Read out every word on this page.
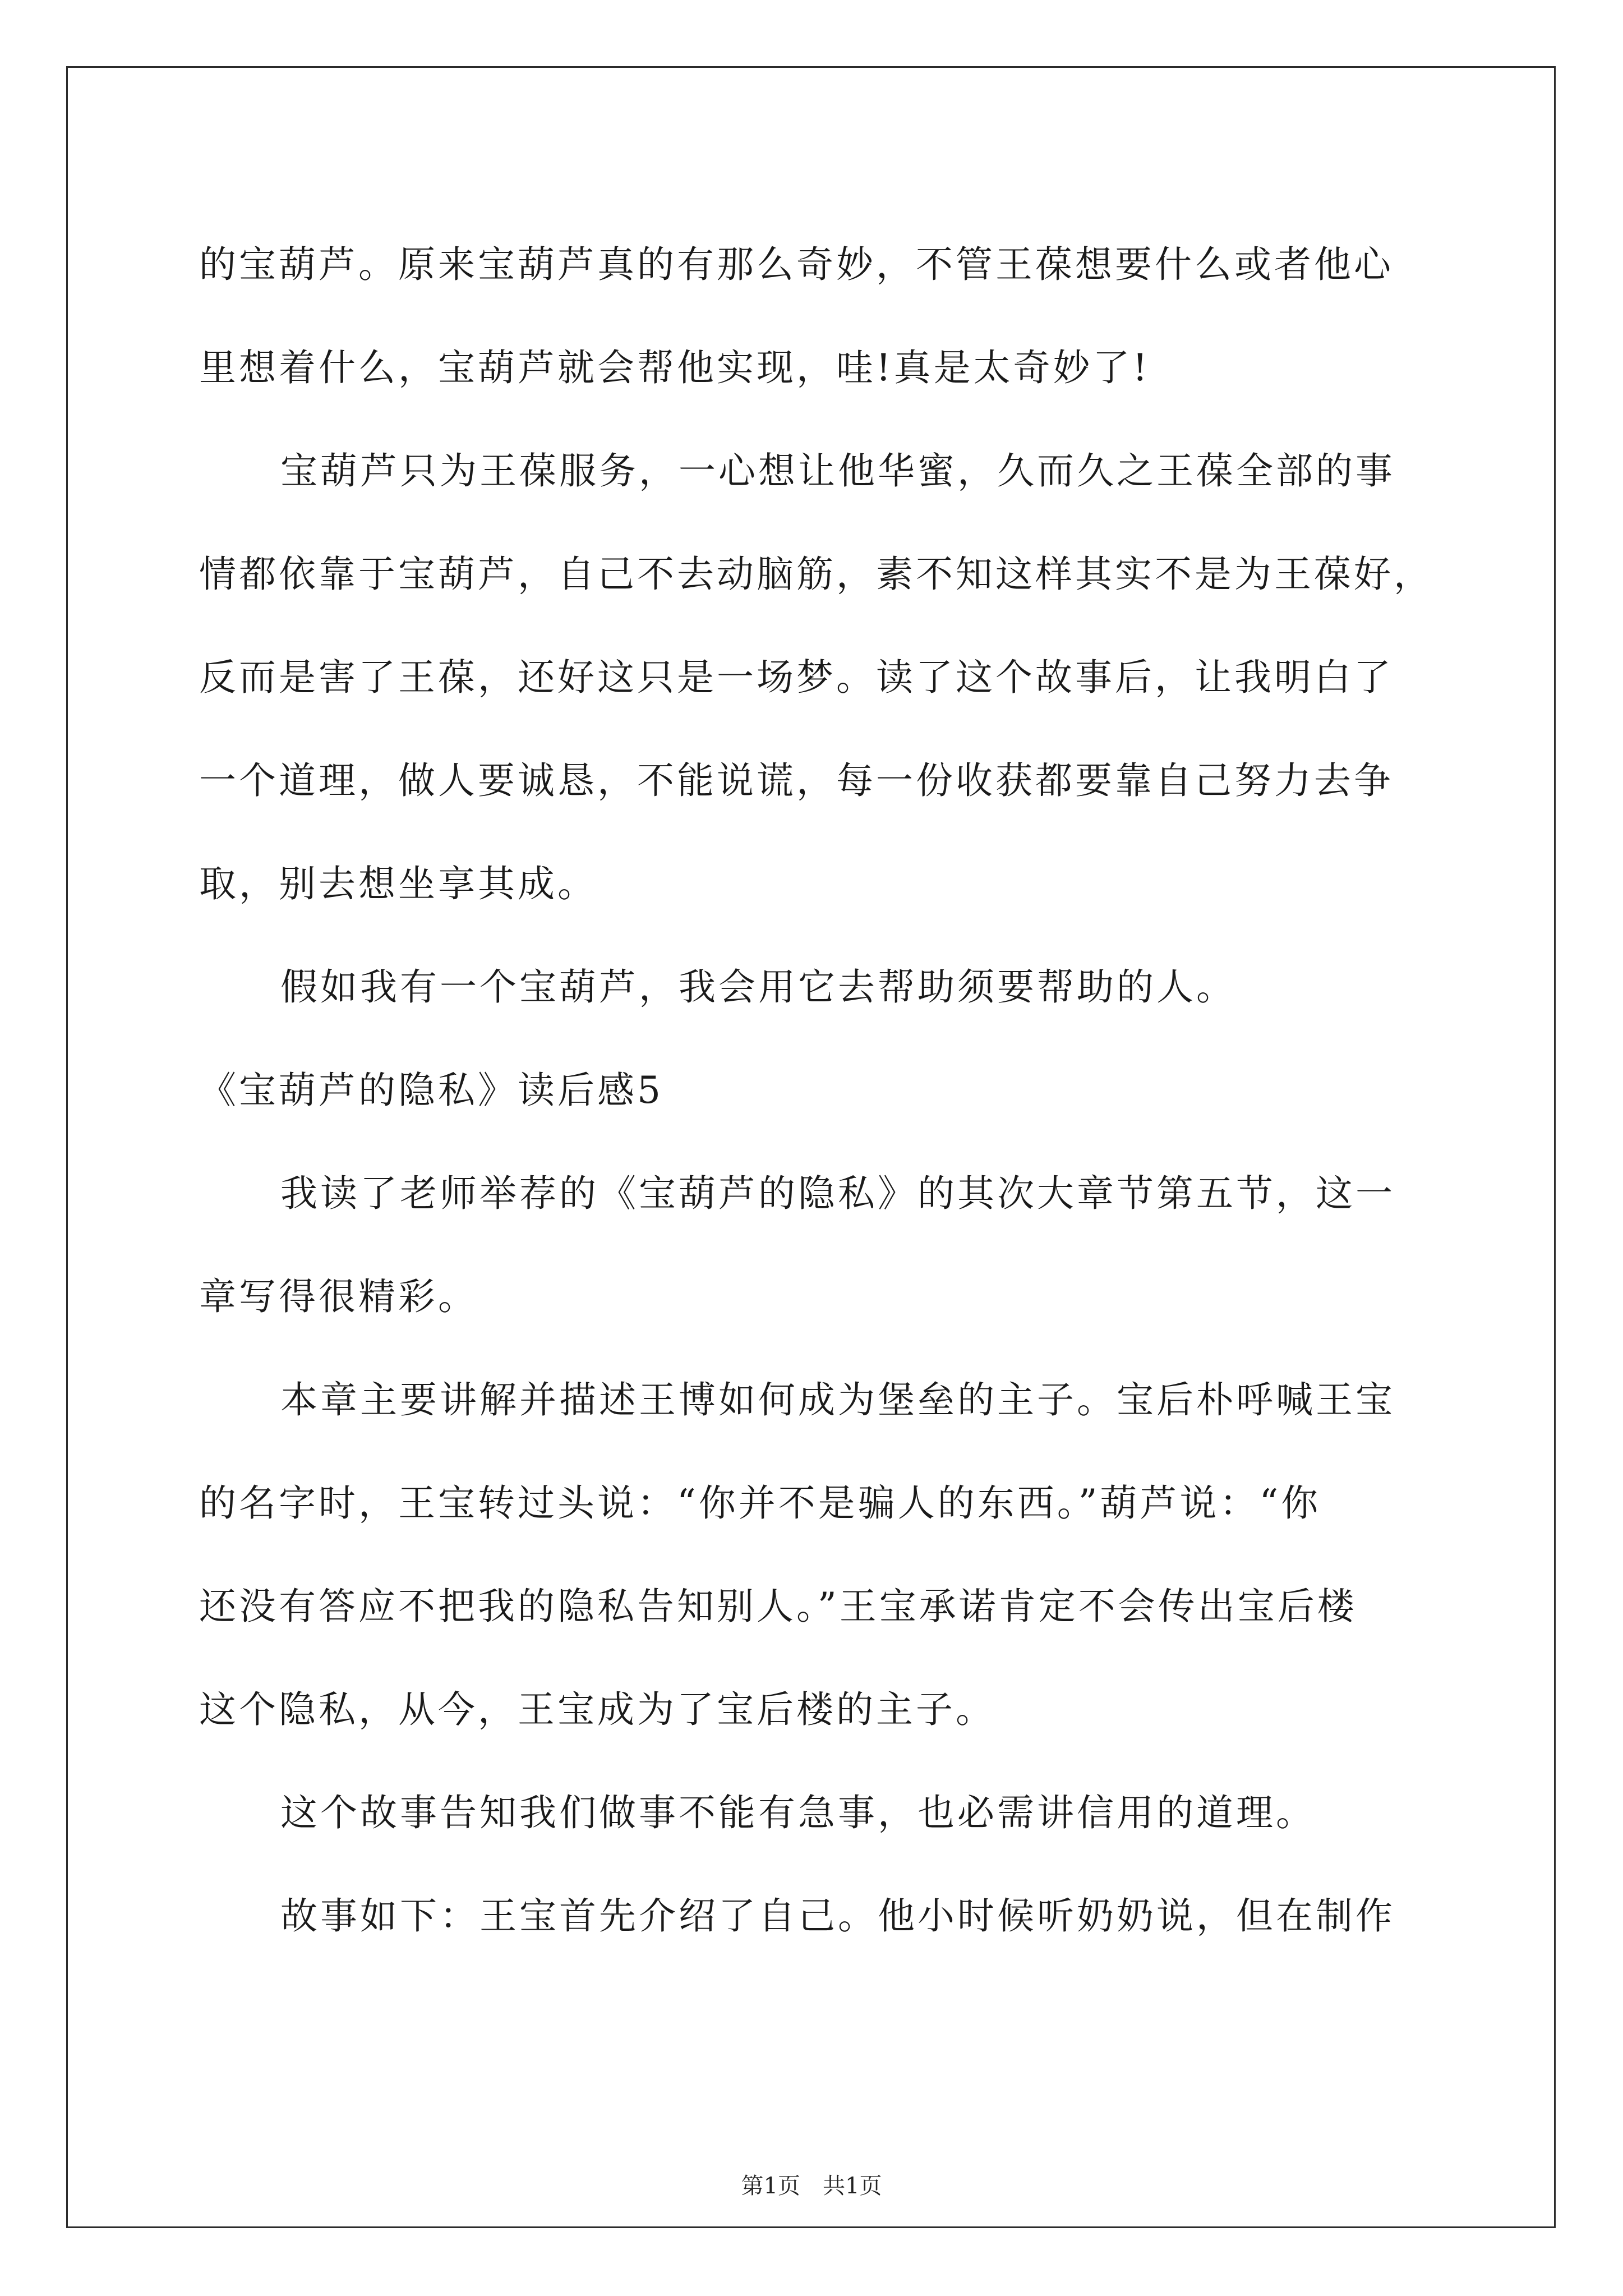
的宝葫芦。原来宝葫芦真的有那么奇妙，不管王葆想要什么或者他心
里想着什么，宝葫芦就会帮他实现，哇!真是太奇妙了!
宝葫芦只为王葆服务，一心想让他华蜜，久而久之王葆全部的事
情都依靠于宝葫芦，自己不去动脑筋，素不知这样其实不是为王葆好，
反而是害了王葆，还好这只是一场梦。读了这个故事后，让我明白了
一个道理，做人要诚恳，不能说谎，每一份收获都要靠自己努力去争
取，别去想坐享其成。
假如我有一个宝葫芦，我会用它去帮助须要帮助的人。
《宝葫芦的隐私》读后感5
我读了老师举荐的《宝葫芦的隐私》的其次大章节第五节，这一
章写得很精彩。
本章主要讲解并描述王博如何成为堡垒的主子。宝后朴呼喊王宝
的名字时，王宝转过头说：“你并不是骗人的东西。”葫芦说：“你
还没有答应不把我的隐私告知别人。”王宝承诺肯定不会传出宝后楼
这个隐私，从今，王宝成为了宝后楼的主子。
这个故事告知我们做事不能有急事，也必需讲信用的道理。
故事如下：王宝首先介绍了自己。他小时候听奶奶说，但在制作
第1页 共1页
